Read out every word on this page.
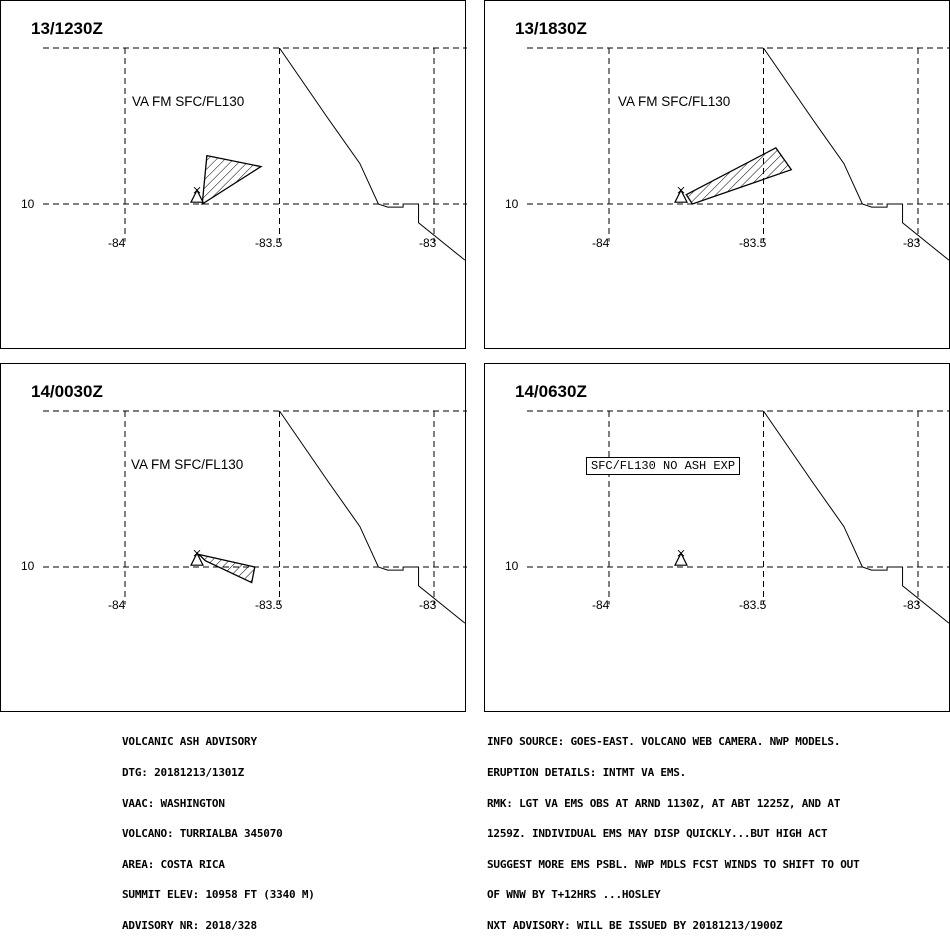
13/1230Z
VA FM SFC/FL130
10
-84	-83.5	-83
13/1830Z
VA FM SFC/FL130
10
-84	-83.5	-83
14/0030Z
VA FM SFC/FL130
10
-84	-83.5	-83
14/0630Z
SFC/FL130 NO ASH EXP
10
-84	-83.5	-83

VOLCANIC ASH ADVISORY

DTG: 20181213/1301Z

VAAC: WASHINGTON

VOLCANO: TURRIALBA 345070

AREA: COSTA RICA

SUMMIT ELEV: 10958 FT (3340 M)

ADVISORY NR: 2018/328

INFO SOURCE: GOES-EAST. VOLCANO WEB CAMERA. NWP MODELS.

ERUPTION DETAILS: INTMT VA EMS.

RMK: LGT VA EMS OBS AT ARND 1130Z, AT ABT 1225Z, AND AT

1259Z. INDIVIDUAL EMS MAY DISP QUICKLY...BUT HIGH ACT

SUGGEST MORE EMS PSBL. NWP MDLS FCST WINDS TO SHIFT TO OUT

OF WNW BY T+12HRS ...HOSLEY

NXT ADVISORY: WILL BE ISSUED BY 20181213/1900Z
